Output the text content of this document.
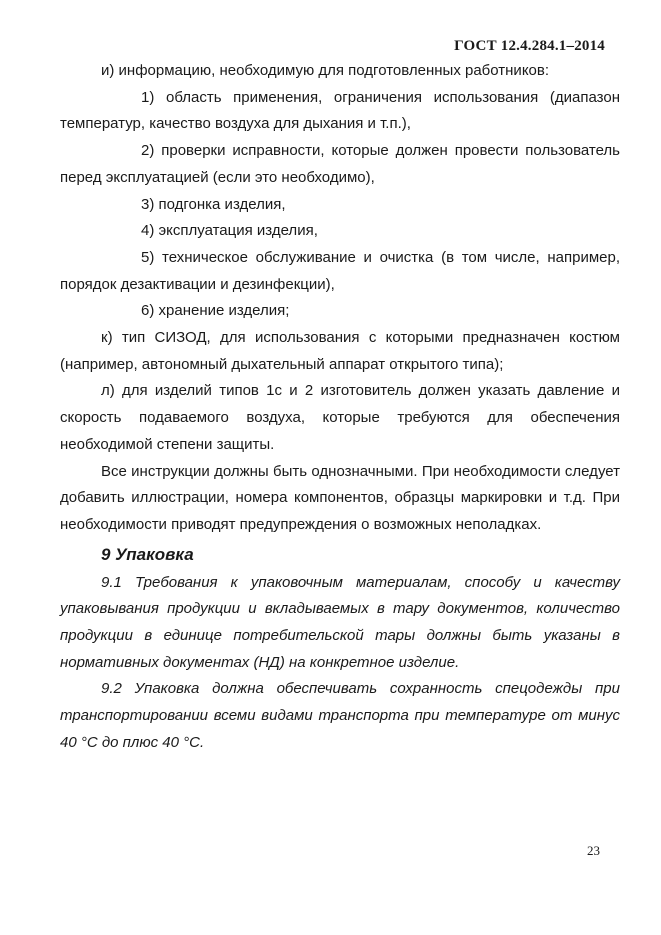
ГОСТ 12.4.284.1–2014

и) информацию, необходимую для подготовленных работников:

1) область применения, ограничения использования (диапазон температур, качество воздуха для дыхания и т.п.),

2) проверки исправности, которые должен провести пользователь перед эксплуатацией (если это необходимо),

3) подгонка изделия,

4) эксплуатация изделия,

5) техническое обслуживание и очистка (в том числе, например, порядок дезактивации и дезинфекции),

6) хранение изделия;

к) тип СИЗОД, для использования с которыми предназначен костюм (например, автономный дыхательный аппарат открытого типа);

л) для изделий типов 1с и 2 изготовитель должен указать давление и скорость подаваемого воздуха, которые требуются для обеспечения необходимой степени защиты.

Все инструкции должны быть однозначными. При необходимости следует добавить иллюстрации, номера компонентов, образцы маркировки и т.д. При необходимости приводят предупреждения о возможных неполадках.

9 Упаковка

9.1 Требования к упаковочным материалам, способу и качеству упаковывания продукции и вкладываемых в тару документов, количество продукции в единице потребительской тары должны быть указаны в нормативных документах (НД) на конкретное изделие.

9.2 Упаковка должна обеспечивать сохранность спецодежды при транспортировании всеми видами транспорта при температуре от минус 40 °С до плюс 40 °С.

23
